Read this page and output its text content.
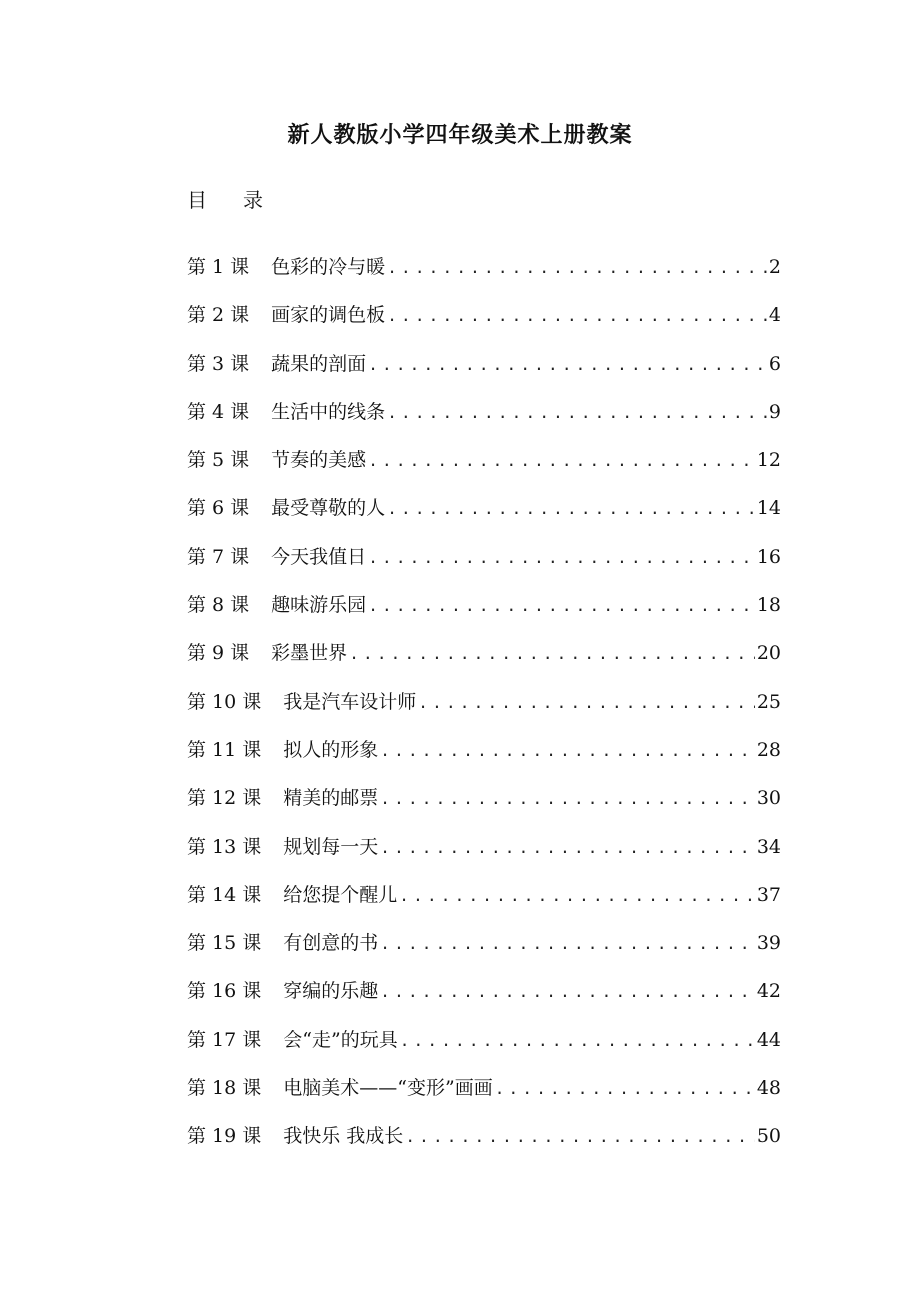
新人教版小学四年级美术上册教案
目 录
第 1 课 色彩的冷与暖 .....	2
第 2 课 画家的调色板 .....	4
第 3 课 蔬果的剖面 .....	6
第 4 课 生活中的线条 .....	9
第 5 课 节奏的美感 .....	12
第 6 课 最受尊敬的人 .....	14
第 7 课 今天我值日 .....	16
第 8 课 趣味游乐园 .....	18
第 9 课 彩墨世界 .....	20
第 10 课 我是汽车设计师 .....	25
第 11 课 拟人的形象 .....	28
第 12 课 精美的邮票 .....	30
第 13 课 规划每一天 .....	34
第 14 课 给您提个醒儿 .....	37
第 15 课 有创意的书 .....	39
第 16 课 穿编的乐趣 .....	42
第 17 课 会“走”的玩具 .....	44
第 18 课 电脑美术——“变形”画画 .....	48
第 19 课 我快乐 我成长 .....	50
